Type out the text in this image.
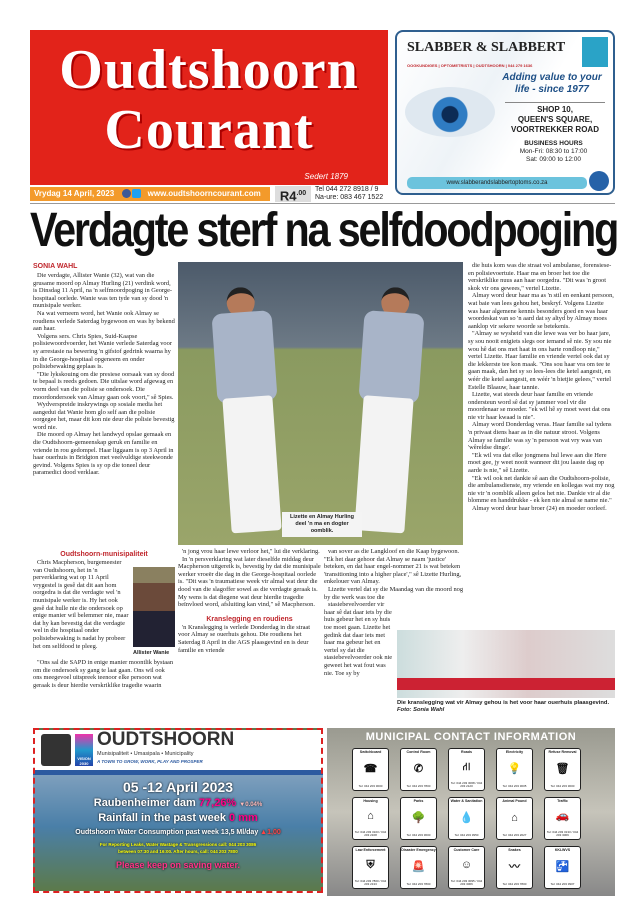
Oudtshoorn
Courant
Sedert 1879
Vrydag 14 April, 2023	www.oudtshoorncourant.com	$R4^{.00}$
Tel 044 272 8918 / 9
Na-ure: 083 467 1522
SLABBER & SLABBERT
OOGKUNDIGES | OPTOMETRISTS | OUDTSHOORN | 044 279 1636
Adding value to your life - since 1977
SHOP 10,
QUEEN'S SQUARE,
VOORTREKKER ROAD
BUSINESS HOURS
Mon-Fri: 08:30 to 17:00
Sat: 09:00 to 12:00
www.slabberandslabbertoptoms.co.za
Verdagte sterf na selfdoodpoging
SONIA WAHL

Die verdagte, Allister Wanie (32), wat van die grusame moord op Almay Hurling (21) verdink word, is Dinsdag 11 April, na 'n selfmoordpoging in George-hospitaal oorlede. Wanie was ten tyde van sy dood 'n munisipale werker.

Na wat verneem word, het Wanie ook Almay se roudiens verlede Saterdag bygewoon en was hy bekend aan haar.

Volgens sers. Chris Spies, Suid-Kaapse polisiewoordvoerder, het Wanie verlede Saterdag voor sy arrestasie na bewering 'n gifstof gedrink waarna hy in die George-hospitaal opgeneem en onder polisiebewaking geplaas is.

"Die lykskouing om die presiese oorsaak van sy dood te bepaal is reeds gedoen. Die uitslae word afgewag en vorm deel van die polisie se ondersoek. Die moordondersoek van Almay gaan ook voort," sê Spies.

Wydverspreide inskrywings op sosiale media het aangedui dat Wanie hom glo self aan die polisie oorgegee het, maar dit kon nie deur die polisie bevestig word nie.

Die moord op Almay het landwyd opslae gemaak en die Oudtshoorn-gemeenskap geruk en familie en vriende in rou gedompel. Haar liggaam is op 3 April in haar ouerhuis in Bridgton met veelvuldige steekwonde gevind. Volgens Spies is sy op die toneel deur paramedici dood verklaar.

Oudtshoorn-munisipaliteit

Chris Macpherson, burgemeester van Oudtshoorn, het in 'n perverklaring wat op 11 April vrygestel is gesê dat dit aan hom oorgedra is dat die verdagte wel 'n munisipale werker is. Hy het ook gesê dat hulle nie die ondersoek op enige manier wil belemmer nie, maar dat hy kan bevestig dat die verdagte wel in die hospitaal onder polisiebewaking is nadat hy probeer het om selfdood te pleeg.

Allister Wanie

"Ons sal die SAPD in enige manier moontlik bystaan om die ondersoek sy gang te laat gaan. Ons wil ook ons meegevoel uitspreek teenoor elke persoon wat geraak is deur hierdie verskriklike tragedie waarin

Lizette en Almay Hurling deel 'n ma en dogter oomblik.

'n jong vrou haar lewe verloor het," lui die verklaring.

In 'n persverklaring wat later dieselfde middag deur Macpherson uitgereik is, bevestig hy dat die munisipale werker vroeër die dag in die George-hospitaal oorlede is. "Dit was 'n traumatiese week vir almal wat deur die dood van die slagoffer sowel as die verdagte geraak is. My wens is dat diegene wat deur hierdie tragedie beïnvloed word, afsluiting kan vind," sê Macpherson.

Kranslegging en roudiens

'n Kranslegging is verlede Donderdag in die straat voor Almay se ouerhuis gehou. Die roudiens het Saterdag 8 April in die AGS plaasgevind en is deur familie en vriende

van sover as die Langkloof en die Kaap bygewoon. "Ek het daar gehoor dat Almay se naam 'justice' beteken, en dat haar engel-nommer 21 is wat beteken 'transitioning into a higher place'," sê Lizette Hurling, enkelouer van Almay.

Lizette vertel dat sy die Maandag van die moord nog by die werk was toe die

stasiebevelvoerder vir haar sê dat daar iets by die huis gebeur het en sy huis toe moet gaan. Lizette het gedink dat daar iets met haar ma gebeur het en vertel sy dat die stasiebevelvoerder ook nie geweet het wat fout was nie. Toe sy by

die huis kom was die straat vol ambulanse, forensiese- en polisievoertuie. Haar ma en broer het toe die verskriklike nuus aan haar oorgedra. "Dit was 'n groot skok vir ons gewees," vertel Lizette.

Almay word deur haar ma as 'n stil en eenkant persoon, wat baie van lees gehou het, beskryf. Volgens Lizette was haar algemene kennis besonders goed en was haar woordeskat van so 'n aard dat sy altyd by Almay moes aanklop vir sekere woorde se betekenis.

"Almay se wysheid van die lewe was ver bo haar jare, sy sou nooit enigiets slegs oor iemand sê nie. Sy sou nie wou hê dat ons met haat in ons harte rondloop nie," vertel Lizette. Haar familie en vriende vertel ook dat sy die lekkerste tee kon maak. "Ons sou haar vra om tee te gaan maak, dan het sy so lees-lees die ketel aangesit, en wéér die ketel aangesit, en wéér 'n bietjie gelees," vertel Estelle Blaauw, haar tannie.

Lizette, wat steeds deur haar familie en vriende ondersteun word sê dat sy jammer voel vir die moordenaar se moeder. "ek wil hê sy moet weet dat ons nie vir haar kwaad is nie".

Almay word Donderdag veras. Haar familie sal tydens 'n privaat diens haar as in die natuur strooi. Volgens Almay se familie was sy 'n persoon wat vry was van 'wêreldse dinge'.

"Ek wil vra dat elke jongmens hul lewe aan die Here moet gee, jy weet nooit wanneer dit jou laaste dag op aarde is nie," sê Lizette.

"Ek wil ook net dankie sê aan die Oudtshoorn-polisie, die ambulansdienste, my vriende en kollegas wat my nog nie vir 'n oomblik alleen gelos het nie. Dankie vir al die blomme en handdrukke - ek ken nie almal se name nie."

Almay word deur haar broer (24) en moeder oorleef.

Die kranslegging wat vir Almay gehou is het voor haar ouerhuis plaasgevind. Foto: Sonia Wahl
VISION 2030
OUDTSHOORN
Munisipaliteit • Umasipala • Municipality
A TOWN TO GROW, WORK, PLAY AND PROSPER
05 -12 April 2023
Raubenheimer dam 77,26% ▼0.04%
Rainfall in the past week 0 mm
Oudtshoorn Water Consumption past week 13,5 Ml/day ▲1,00
For Reporting Leaks, Water Wastage & Transgressions call: 044 203 3086
between 07:30 and 16:00. After hours, call: 044 203 7800
Please keep on saving water.
MUNICIPAL CONTACT INFORMATION
Switchboard
☎
Tel: 044 203 3000
Control Room
✆
Tel: 044 203 7800
Roads
⛙
Tel: 044 203 3068 / 044 203 2120
Electricity
💡
Tel: 044 203 3005
Refuse Removal
🗑
Tel: 044 203 3000
Housing
⌂
Tel: 044 203 3103 / 044 203 2168
Parks
🌳
Tel: 044 203 3600
Water & Sanitation
💧
Tel: 044 203 3950
Animal Pound
⌂
Tel: 044 203 2627
Traffic
🚗
Tel: 044 203 3133 / 044 203 3069
Law Enforcement
⛨
Tel: 044 203 7800 / 044 203 2133
Disaster Emergency
🚨
Tel: 044 203 7800
Customer Care
☺
Tel: 044 203 3095 / 044 203 3066
Snakes
〰
Tel: 044 203 7800
KKLWVS
🚰
Tel: 044 203 3907
